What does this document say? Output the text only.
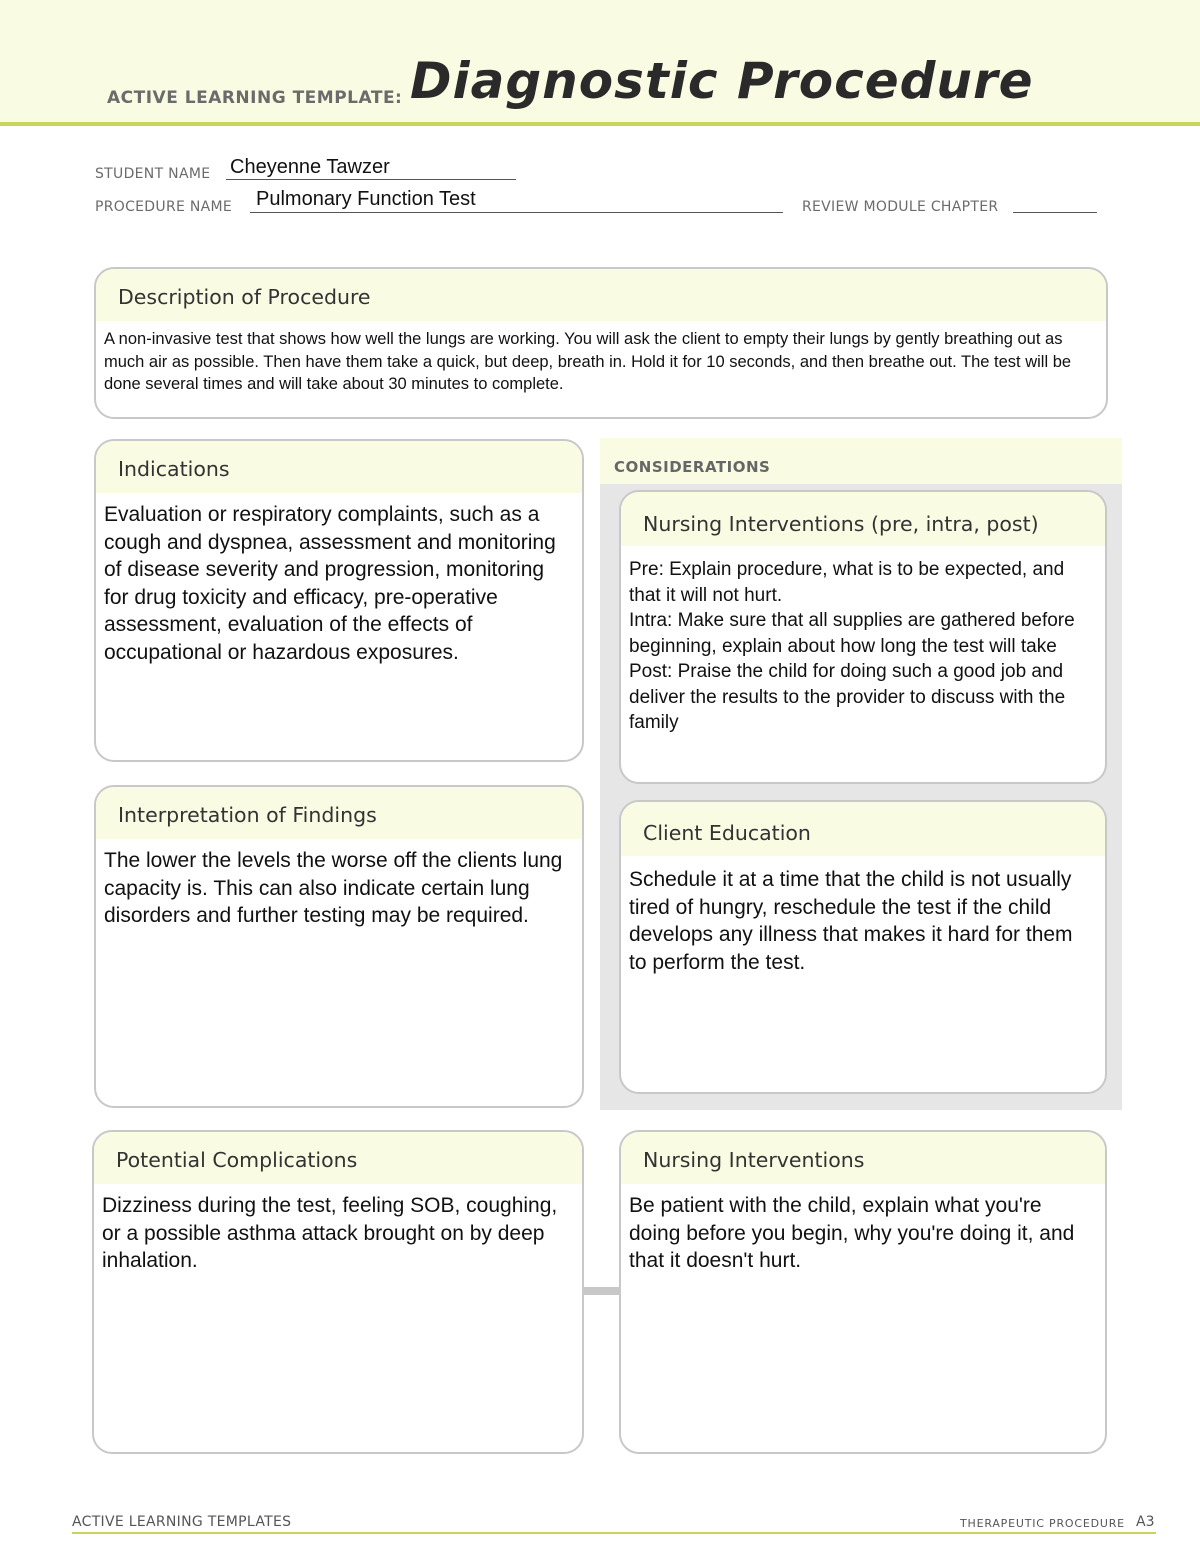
ACTIVE LEARNING TEMPLATE: Diagnostic Procedure
STUDENT NAME Cheyenne Tawzer
PROCEDURE NAME Pulmonary Function Test	REVIEW MODULE CHAPTER
Description of Procedure
A non-invasive test that shows how well the lungs are working. You will ask the client to empty their lungs by gently breathing out as much air as possible. Then have them take a quick, but deep, breath in. Hold it for 10 seconds, and then breathe out. The test will be done several times and will take about 30 minutes to complete.
Indications
Evaluation or respiratory complaints, such as a cough and dyspnea, assessment and monitoring of disease severity and progression, monitoring for drug toxicity and efficacy, pre-operative assessment, evaluation of the effects of occupational or hazardous exposures.
CONSIDERATIONS
Nursing Interventions (pre, intra, post)
Pre: Explain procedure, what is to be expected, and that it will not hurt.
Intra: Make sure that all supplies are gathered before beginning, explain about how long the test will take
Post: Praise the child for doing such a good job and deliver the results to the provider to discuss with the family
Client Education
Schedule it at a time that the child is not usually tired of hungry, reschedule the test if the child develops any illness that makes it hard for them to perform the test.
Interpretation of Findings
The lower the levels the worse off the clients lung capacity is. This can also indicate certain lung disorders and further testing may be required.
Potential Complications
Dizziness during the test, feeling SOB, coughing, or a possible asthma attack brought on by deep inhalation.
Nursing Interventions
Be patient with the child, explain what you're doing before you begin, why you're doing it, and that it doesn't hurt.
ACTIVE LEARNING TEMPLATES	THERAPEUTIC PROCEDURE A3
